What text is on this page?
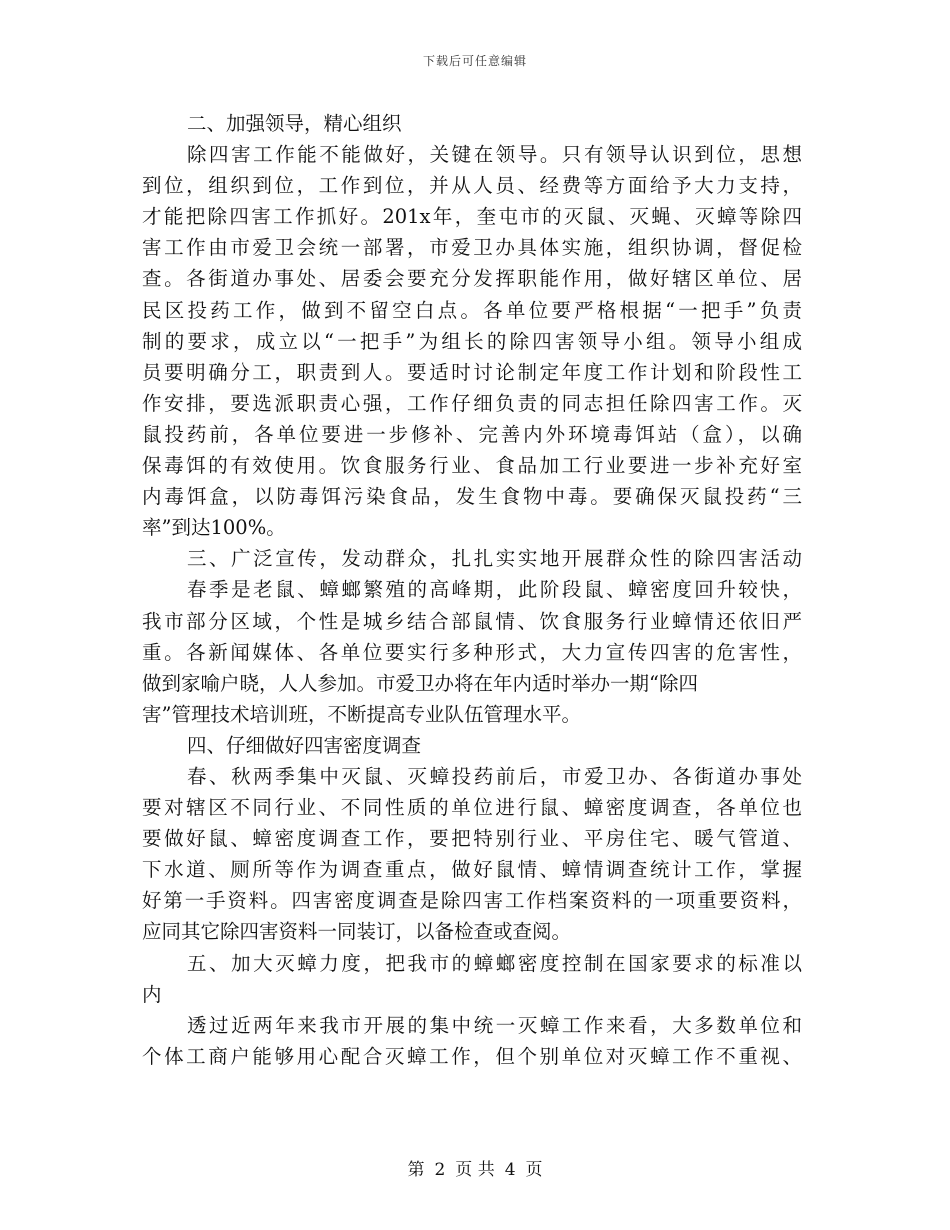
下载后可任意编辑
二、加强领导，精心组织
除四害工作能不能做好，关键在领导。只有领导认识到位，思想
到位，组织到位，工作到位，并从人员、经费等方面给予大力支持，
才能把除四害工作抓好。201x年，奎屯市的灭鼠、灭蝇、灭蟑等除四
害工作由市爱卫会统一部署，市爱卫办具体实施，组织协调，督促检
查。各街道办事处、居委会要充分发挥职能作用，做好辖区单位、居
民区投药工作，做到不留空白点。各单位要严格根据“一把手”负责
制的要求，成立以“一把手”为组长的除四害领导小组。领导小组成
员要明确分工，职责到人。要适时讨论制定年度工作计划和阶段性工
作安排，要选派职责心强，工作仔细负责的同志担任除四害工作。灭
鼠投药前，各单位要进一步修补、完善内外环境毒饵站（盒），以确
保毒饵的有效使用。饮食服务行业、食品加工行业要进一步补充好室
内毒饵盒，以防毒饵污染食品，发生食物中毒。要确保灭鼠投药“三
率”到达100%。
三、广泛宣传，发动群众，扎扎实实地开展群众性的除四害活动
春季是老鼠、蟑螂繁殖的高峰期，此阶段鼠、蟑密度回升较快，
我市部分区域，个性是城乡结合部鼠情、饮食服务行业蟑情还依旧严
重。各新闻媒体、各单位要实行多种形式，大力宣传四害的危害性，
做到家喻户晓，人人参加。市爱卫办将在年内适时举办一期“除四
害”管理技术培训班，不断提高专业队伍管理水平。
四、仔细做好四害密度调查
春、秋两季集中灭鼠、灭蟑投药前后，市爱卫办、各街道办事处
要对辖区不同行业、不同性质的单位进行鼠、蟑密度调查，各单位也
要做好鼠、蟑密度调查工作，要把特别行业、平房住宅、暖气管道、
下水道、厕所等作为调查重点，做好鼠情、蟑情调查统计工作，掌握
好第一手资料。四害密度调查是除四害工作档案资料的一项重要资料，
应同其它除四害资料一同装订，以备检查或查阅。
五、加大灭蟑力度，把我市的蟑螂密度控制在国家要求的标准以
内
透过近两年来我市开展的集中统一灭蟑工作来看，大多数单位和
个体工商户能够用心配合灭蟑工作，但个别单位对灭蟑工作不重视、
第 2 页 共 4 页
